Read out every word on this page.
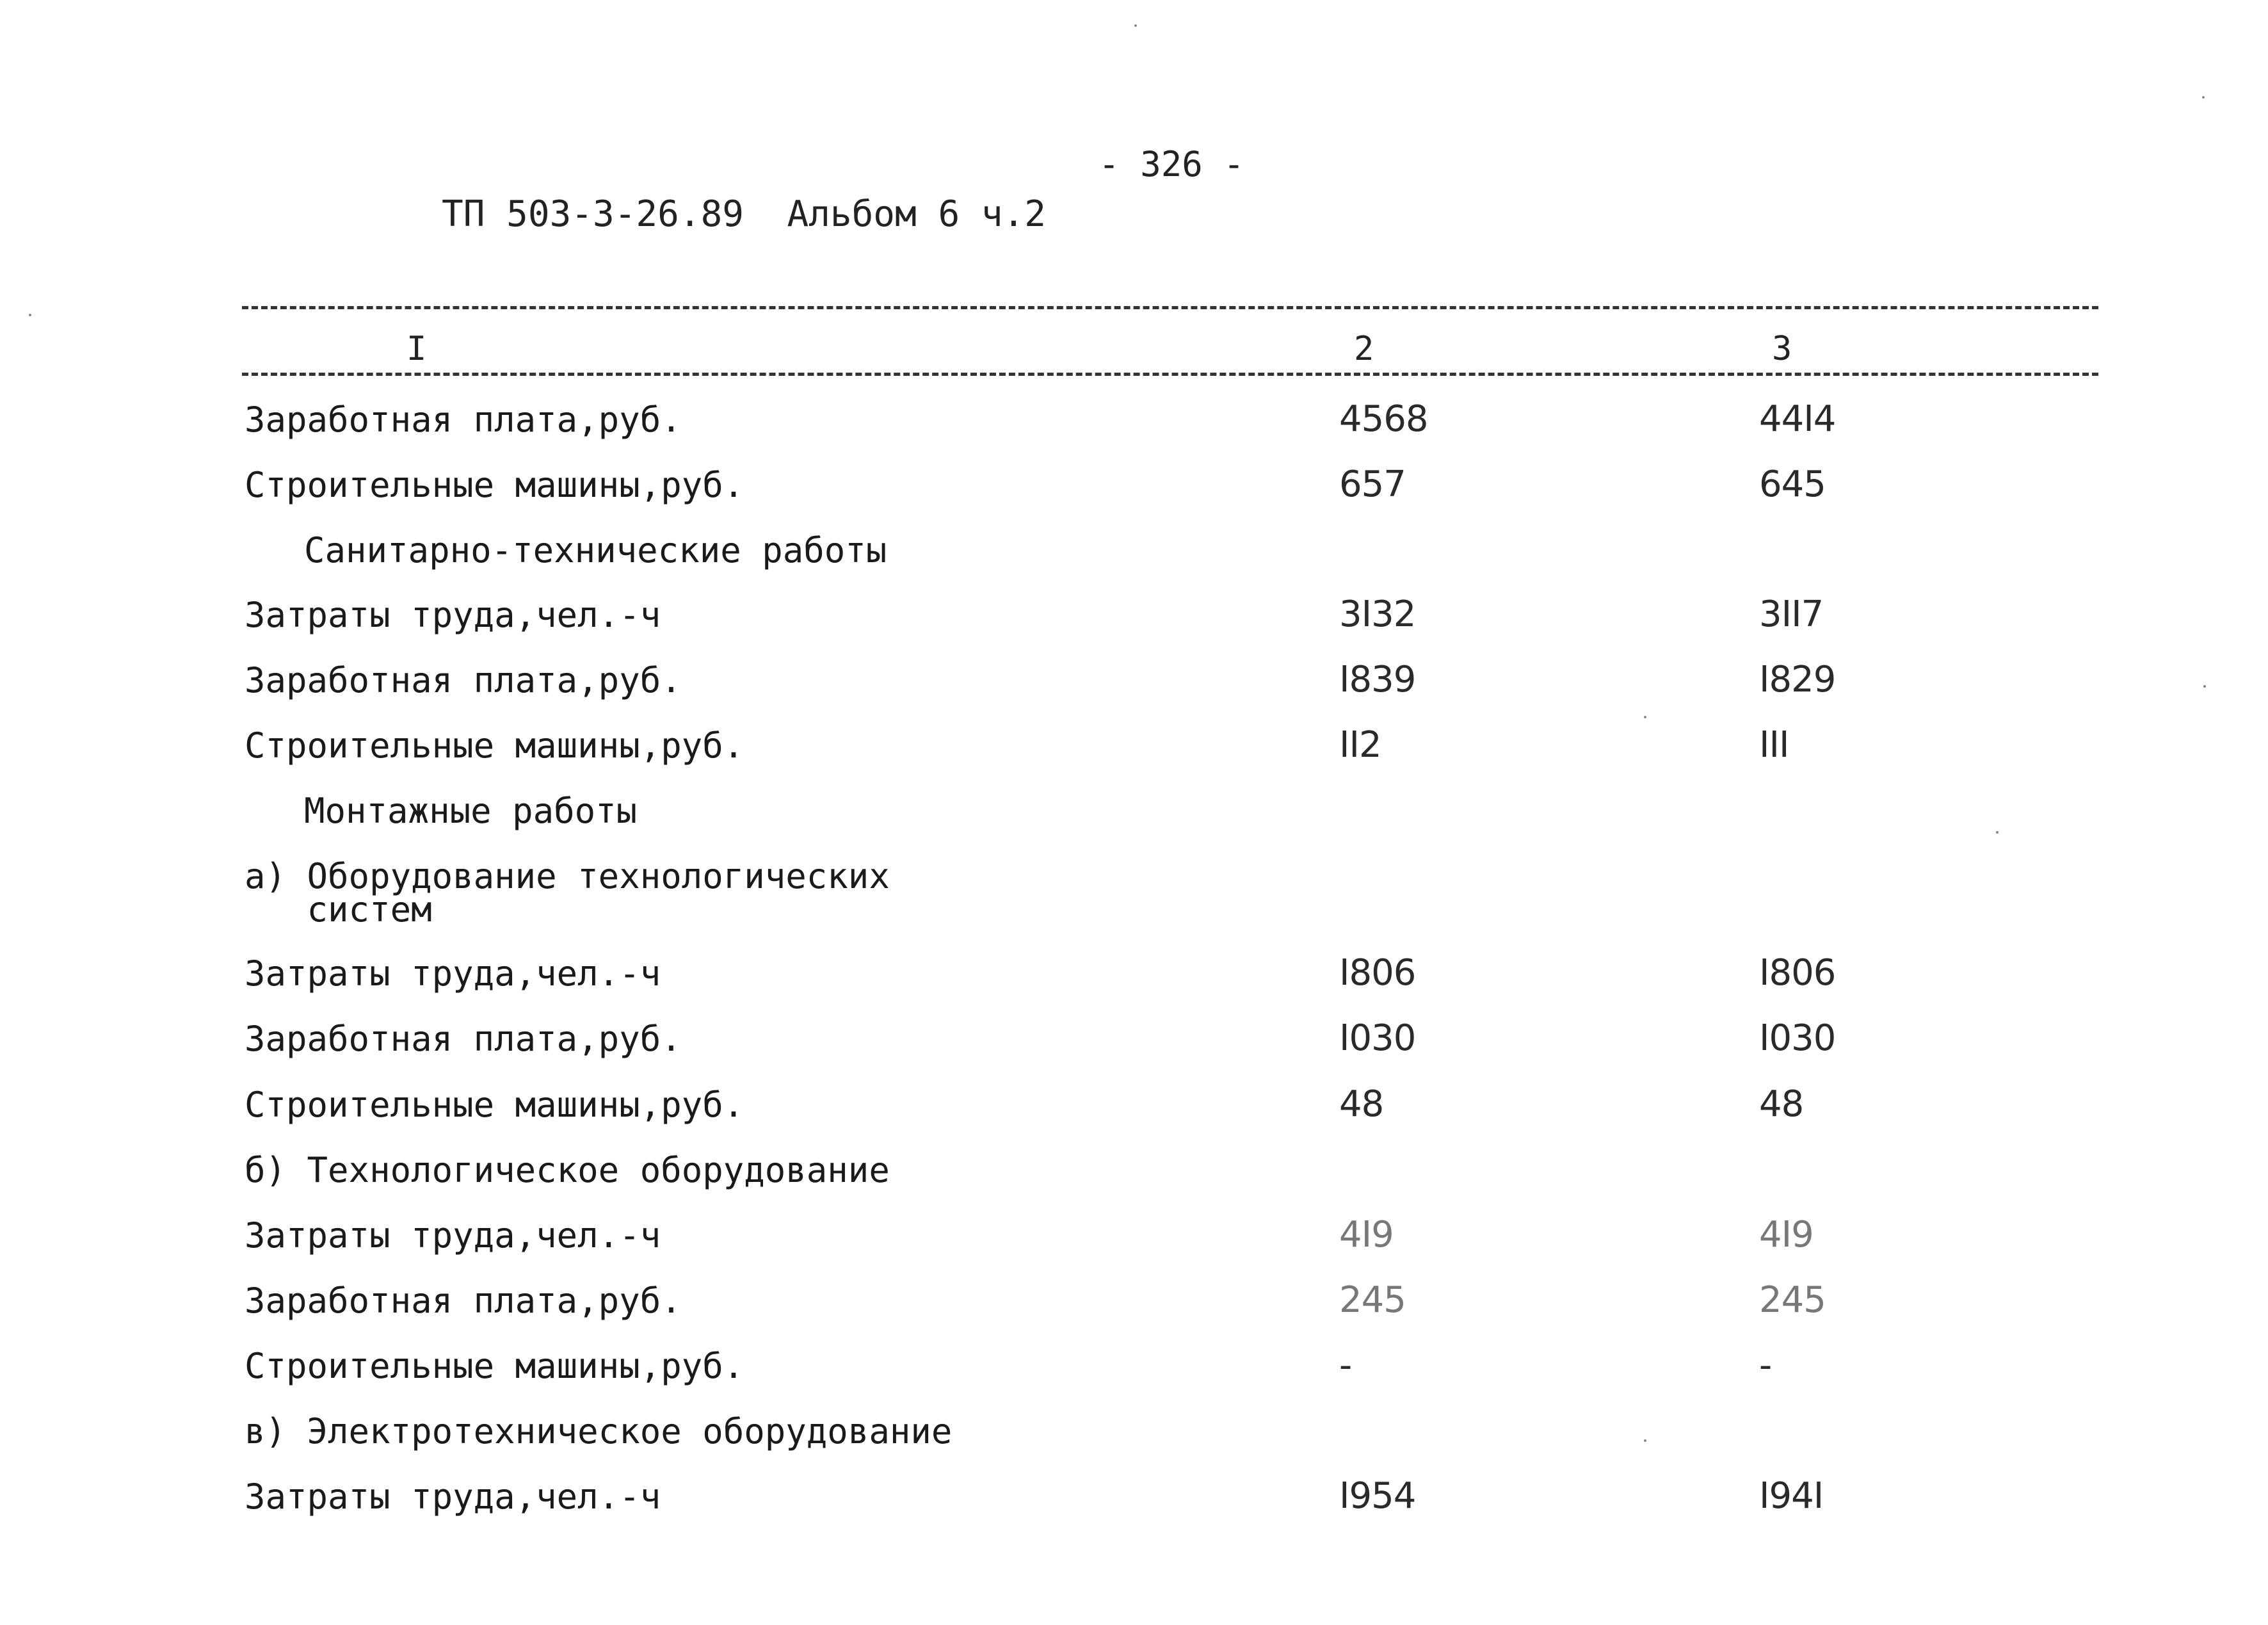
- 326 -
ТП 503-3-26.89  Альбом 6 ч.2
I	2	3
Заработная плата,руб.	4568	44I4
Строительные машины,руб.	657	645
Санитарно-технические работы
Затраты труда,чел.-ч	3I32	3II7
Заработная плата,руб.	I839	I829
Строительные машины,руб.	II2	III
Монтажные работы
а) Оборудование технологических
систем
Затраты труда,чел.-ч	I806	I806
Заработная плата,руб.	I030	I030
Строительные машины,руб.	48	48
б) Технологическое оборудование
Затраты труда,чел.-ч	4I9	4I9
Заработная плата,руб.	245	245
Строительные машины,руб.	-	-
в) Электротехническое оборудование
Затраты труда,чел.-ч	I954	I94I
